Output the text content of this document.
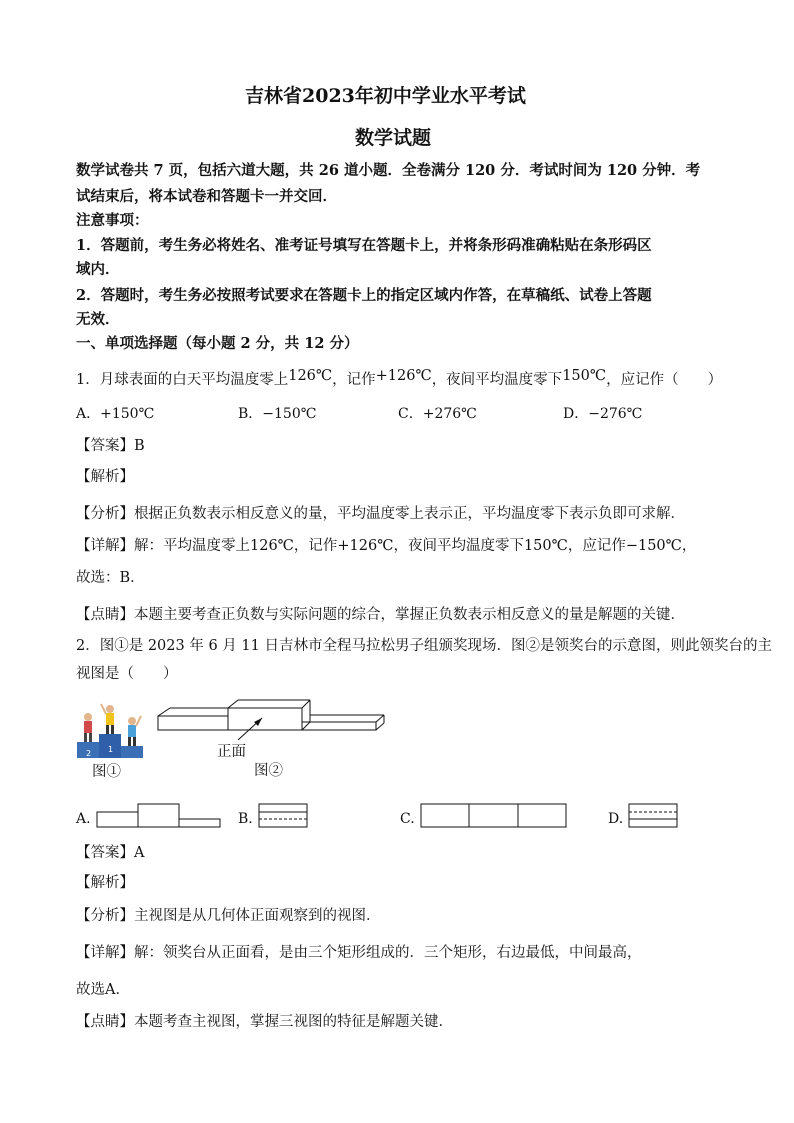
吉林省2023年初中学业水平考试
数学试题
数学试卷共 7 页，包括六道大题，共 26 道小题．全卷满分 120 分．考试时间为 120 分钟．考
试结束后，将本试卷和答题卡一并交回．
注意事项：
1．答题前，考生务必将姓名、准考证号填写在答题卡上，并将条形码准确粘贴在条形码区
域内．
2．答题时，考生务必按照考试要求在答题卡上的指定区域内作答，在草稿纸、试卷上答题
无效．
一、单项选择题（每小题 2 分，共 12 分）
1．月球表面的白天平均温度零上126℃，记作+126℃，夜间平均温度零下150℃，应记作（　　）
A．+150℃	B．−150℃	C．+276℃	D．−276℃
【答案】B
【解析】
【分析】根据正负数表示相反意义的量，平均温度零上表示正，平均温度零下表示负即可求解．
【详解】解：平均温度零上126℃，记作+126℃，夜间平均温度零下150℃，应记作−150℃，
故选：B．
【点睛】本题主要考查正负数与实际问题的综合，掌握正负数表示相反意义的量是解题的关键．
2．图①是 2023 年 6 月 11 日吉林市全程马拉松男子组颁奖现场．图②是领奖台的示意图，则此领奖台的主
视图是（　　）
2 1
图①
正面
图②
A.	B.	C.	D.
【答案】A
【解析】
【分析】主视图是从几何体正面观察到的视图．
【详解】解：领奖台从正面看，是由三个矩形组成的．三个矩形，右边最低，中间最高，
故选A．
【点睛】本题考查主视图，掌握三视图的特征是解题关键．
